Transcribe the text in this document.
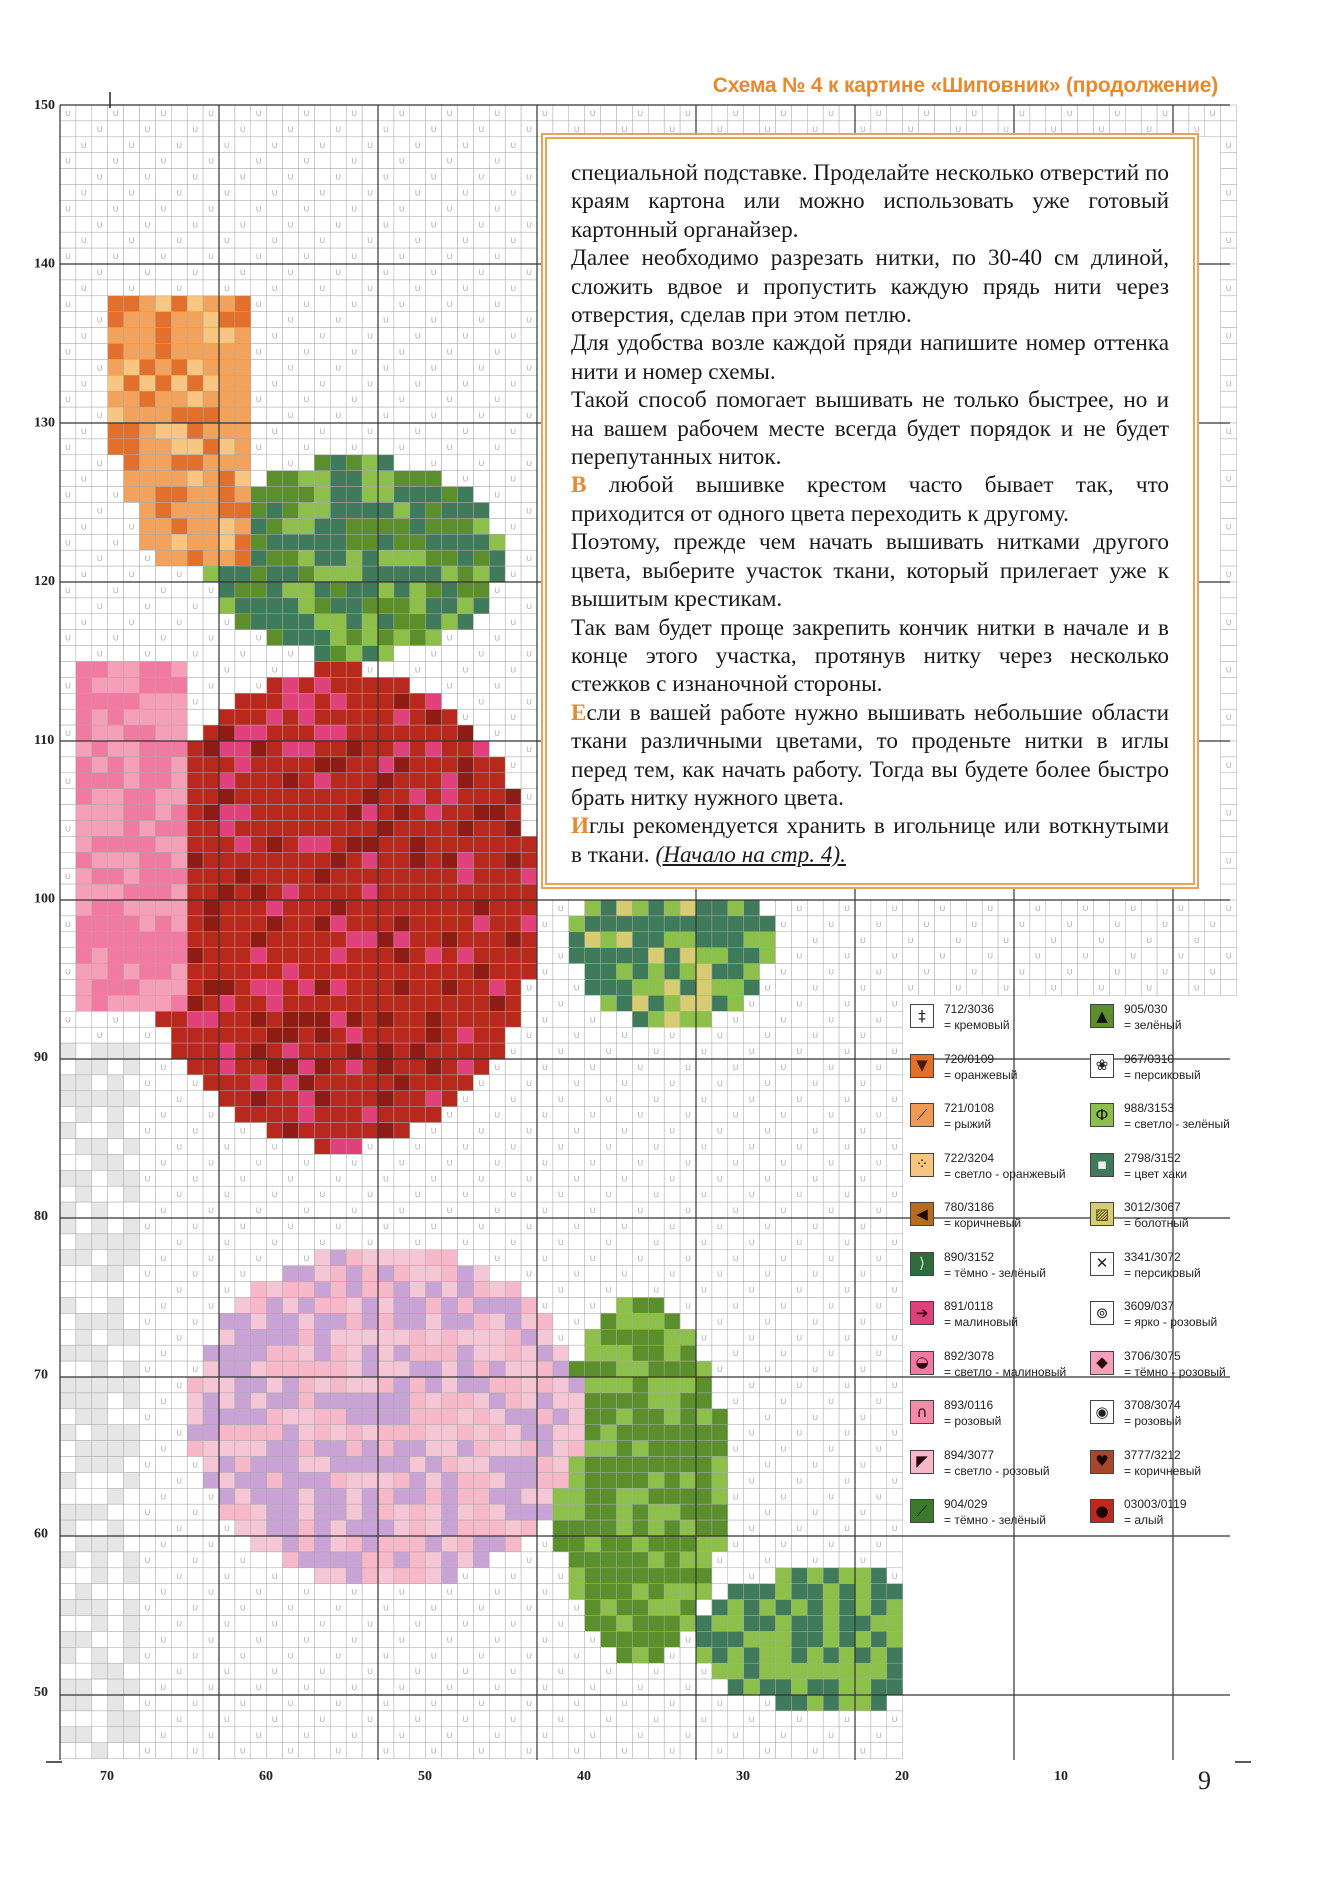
ᑌ	ᑌ	ᑌ	ᑌ	ᑌ	ᑌ	ᑌ	ᑌ	ᑌ	ᑌ	ᑌ	ᑌ	ᑌ	ᑌ	ᑌ	ᑌ	ᑌ	ᑌ	ᑌ	ᑌ	ᑌ	ᑌ	ᑌ	ᑌ	ᑌ
ᑌ	ᑌ	ᑌ	ᑌ	ᑌ	ᑌ	ᑌ	ᑌ	ᑌ	ᑌ	ᑌ	ᑌ	ᑌ	ᑌ	ᑌ	ᑌ	ᑌ	ᑌ	ᑌ	ᑌ	ᑌ	ᑌ	ᑌ	ᑌ
ᑌ	ᑌ	ᑌ	ᑌ	ᑌ	ᑌ	ᑌ	ᑌ	ᑌ	ᑌ	ᑌ
ᑌ	ᑌ	ᑌ	ᑌ	ᑌ	ᑌ	ᑌ	ᑌ	ᑌ	ᑌ
ᑌ	ᑌ	ᑌ	ᑌ	ᑌ	ᑌ	ᑌ	ᑌ	ᑌ	ᑌ
ᑌ	ᑌ	ᑌ	ᑌ	ᑌ	ᑌ	ᑌ	ᑌ	ᑌ	ᑌ	ᑌ
ᑌ	ᑌ	ᑌ	ᑌ	ᑌ	ᑌ	ᑌ	ᑌ	ᑌ	ᑌ
ᑌ	ᑌ	ᑌ	ᑌ	ᑌ	ᑌ	ᑌ	ᑌ	ᑌ	ᑌ
ᑌ	ᑌ	ᑌ	ᑌ	ᑌ	ᑌ	ᑌ	ᑌ	ᑌ	ᑌ	ᑌ
ᑌ	ᑌ	ᑌ	ᑌ	ᑌ	ᑌ	ᑌ	ᑌ	ᑌ	ᑌ
ᑌ	ᑌ	ᑌ	ᑌ	ᑌ	ᑌ	ᑌ	ᑌ	ᑌ	ᑌ
ᑌ	ᑌ	ᑌ	ᑌ	ᑌ	ᑌ	ᑌ	ᑌ	ᑌ	ᑌ	ᑌ
ᑌ	ᑌ	ᑌ	ᑌ	ᑌ	ᑌ	ᑌ
ᑌ	ᑌ	ᑌ	ᑌ	ᑌ	ᑌ	ᑌ
ᑌ	ᑌ	ᑌ	ᑌ	ᑌ	ᑌ	ᑌ	ᑌ
ᑌ	ᑌ	ᑌ	ᑌ	ᑌ	ᑌ	ᑌ
ᑌ	ᑌ	ᑌ	ᑌ	ᑌ	ᑌ	ᑌ
ᑌ	ᑌ	ᑌ	ᑌ	ᑌ	ᑌ	ᑌ	ᑌ
ᑌ	ᑌ	ᑌ	ᑌ	ᑌ	ᑌ	ᑌ
ᑌ	ᑌ	ᑌ	ᑌ	ᑌ	ᑌ	ᑌ
ᑌ	ᑌ	ᑌ	ᑌ	ᑌ	ᑌ	ᑌ	ᑌ
ᑌ	ᑌ	ᑌ	ᑌ	ᑌ	ᑌ	ᑌ
ᑌ	ᑌ	ᑌ	ᑌ	ᑌ
ᑌ	ᑌ	ᑌ	ᑌ
ᑌ	ᑌ	ᑌ
ᑌ	ᑌ
ᑌ	ᑌ	ᑌ	ᑌ
ᑌ	ᑌ
ᑌ	ᑌ	ᑌ
ᑌ	ᑌ	ᑌ	ᑌ	ᑌ
ᑌ	ᑌ	ᑌ	ᑌ	ᑌ
ᑌ	ᑌ	ᑌ	ᑌ
ᑌ	ᑌ	ᑌ	ᑌ	ᑌ	ᑌ
ᑌ	ᑌ	ᑌ	ᑌ	ᑌ	ᑌ	ᑌ
ᑌ	ᑌ	ᑌ	ᑌ	ᑌ	ᑌ	ᑌ	ᑌ
ᑌ	ᑌ	ᑌ	ᑌ	ᑌ	ᑌ	ᑌ
ᑌ	ᑌ	ᑌ	ᑌ	ᑌ
ᑌ	ᑌ	ᑌ
ᑌ	ᑌ	ᑌ
ᑌ	ᑌ
ᑌ
ᑌ	ᑌ
ᑌ
ᑌ
ᑌ
ᑌ
ᑌ
ᑌ
ᑌ	ᑌ	ᑌ	ᑌ	ᑌ	ᑌ	ᑌ	ᑌ	ᑌ	ᑌ	ᑌ
ᑌ	ᑌ	ᑌ	ᑌ	ᑌ	ᑌ	ᑌ	ᑌ	ᑌ	ᑌ	ᑌ	ᑌ
ᑌ	ᑌ	ᑌ	ᑌ	ᑌ	ᑌ	ᑌ	ᑌ	ᑌ
ᑌ	ᑌ	ᑌ	ᑌ	ᑌ	ᑌ	ᑌ	ᑌ	ᑌ	ᑌ	ᑌ
ᑌ	ᑌ	ᑌ	ᑌ	ᑌ	ᑌ	ᑌ	ᑌ	ᑌ	ᑌ	ᑌ	ᑌ
ᑌ	ᑌ	ᑌ	ᑌ	ᑌ	ᑌ	ᑌ	ᑌ	ᑌ	ᑌ	ᑌ	ᑌ
ᑌ	ᑌ	ᑌ	ᑌ	ᑌ
ᑌ	ᑌ	ᑌ	ᑌ	ᑌ	ᑌ	ᑌ	ᑌ
ᑌ	ᑌ	ᑌ	ᑌ	ᑌ	ᑌ	ᑌ	ᑌ	ᑌ	ᑌ
ᑌ	ᑌ	ᑌ	ᑌ	ᑌ	ᑌ	ᑌ	ᑌ	ᑌ
ᑌ	ᑌ	ᑌ	ᑌ	ᑌ	ᑌ	ᑌ	ᑌ	ᑌ	ᑌ
ᑌ	ᑌ	ᑌ	ᑌ	ᑌ	ᑌ	ᑌ	ᑌ	ᑌ	ᑌ	ᑌ
ᑌ	ᑌ	ᑌ	ᑌ	ᑌ	ᑌ	ᑌ	ᑌ	ᑌ	ᑌ	ᑌ
ᑌ	ᑌ	ᑌ	ᑌ	ᑌ	ᑌ	ᑌ	ᑌ	ᑌ	ᑌ	ᑌ	ᑌ
ᑌ	ᑌ	ᑌ	ᑌ	ᑌ	ᑌ	ᑌ	ᑌ	ᑌ	ᑌ	ᑌ	ᑌ	ᑌ
ᑌ	ᑌ	ᑌ	ᑌ	ᑌ	ᑌ	ᑌ	ᑌ	ᑌ	ᑌ	ᑌ	ᑌ	ᑌ	ᑌ	ᑌ
ᑌ	ᑌ	ᑌ	ᑌ	ᑌ	ᑌ	ᑌ	ᑌ	ᑌ	ᑌ	ᑌ	ᑌ	ᑌ	ᑌ	ᑌ	ᑌ
ᑌ	ᑌ	ᑌ	ᑌ	ᑌ	ᑌ	ᑌ	ᑌ	ᑌ	ᑌ	ᑌ	ᑌ	ᑌ	ᑌ	ᑌ	ᑌ
ᑌ	ᑌ	ᑌ	ᑌ	ᑌ	ᑌ	ᑌ	ᑌ	ᑌ	ᑌ	ᑌ	ᑌ	ᑌ	ᑌ	ᑌ	ᑌ
ᑌ	ᑌ	ᑌ	ᑌ	ᑌ	ᑌ	ᑌ	ᑌ	ᑌ	ᑌ	ᑌ	ᑌ	ᑌ	ᑌ	ᑌ	ᑌ
ᑌ	ᑌ	ᑌ	ᑌ	ᑌ	ᑌ	ᑌ	ᑌ	ᑌ	ᑌ	ᑌ	ᑌ	ᑌ	ᑌ	ᑌ	ᑌ
ᑌ	ᑌ	ᑌ	ᑌ	ᑌ	ᑌ	ᑌ	ᑌ	ᑌ	ᑌ	ᑌ	ᑌ	ᑌ	ᑌ	ᑌ	ᑌ
ᑌ	ᑌ	ᑌ	ᑌ	ᑌ	ᑌ	ᑌ	ᑌ	ᑌ	ᑌ	ᑌ	ᑌ	ᑌ
ᑌ	ᑌ	ᑌ	ᑌ	ᑌ	ᑌ	ᑌ	ᑌ	ᑌ	ᑌ	ᑌ
ᑌ	ᑌ	ᑌ	ᑌ	ᑌ	ᑌ	ᑌ	ᑌ	ᑌ	ᑌ
ᑌ	ᑌ	ᑌ	ᑌ	ᑌ	ᑌ	ᑌ	ᑌ	ᑌ
ᑌ	ᑌ	ᑌ	ᑌ	ᑌ	ᑌ	ᑌ
ᑌ	ᑌ	ᑌ	ᑌ	ᑌ	ᑌ	ᑌ
ᑌ	ᑌ	ᑌ	ᑌ	ᑌ
ᑌ	ᑌ	ᑌ	ᑌ	ᑌ	ᑌ
ᑌ	ᑌ	ᑌ	ᑌ	ᑌ
ᑌ	ᑌ	ᑌ	ᑌ	ᑌ
ᑌ	ᑌ	ᑌ	ᑌ
ᑌ	ᑌ	ᑌ	ᑌ	ᑌ
ᑌ	ᑌ	ᑌ	ᑌ	ᑌ
ᑌ	ᑌ	ᑌ	ᑌ	ᑌ
ᑌ	ᑌ	ᑌ	ᑌ	ᑌ
ᑌ	ᑌ	ᑌ	ᑌ	ᑌ	ᑌ
ᑌ	ᑌ	ᑌ	ᑌ	ᑌ
ᑌ	ᑌ	ᑌ	ᑌ	ᑌ	ᑌ
ᑌ	ᑌ	ᑌ	ᑌ	ᑌ	ᑌ	ᑌ
ᑌ	ᑌ	ᑌ	ᑌ	ᑌ	ᑌ	ᑌ	ᑌ
ᑌ	ᑌ	ᑌ	ᑌ	ᑌ	ᑌ	ᑌ	ᑌ
ᑌ	ᑌ	ᑌ	ᑌ	ᑌ	ᑌ	ᑌ	ᑌ	ᑌ
ᑌ	ᑌ	ᑌ	ᑌ	ᑌ	ᑌ	ᑌ	ᑌ	ᑌ	ᑌ
ᑌ	ᑌ	ᑌ	ᑌ	ᑌ	ᑌ	ᑌ	ᑌ	ᑌ
ᑌ	ᑌ	ᑌ	ᑌ	ᑌ	ᑌ	ᑌ	ᑌ	ᑌ	ᑌ	ᑌ
ᑌ	ᑌ	ᑌ	ᑌ	ᑌ	ᑌ	ᑌ	ᑌ	ᑌ	ᑌ	ᑌ
ᑌ	ᑌ	ᑌ	ᑌ	ᑌ	ᑌ	ᑌ	ᑌ	ᑌ	ᑌ	ᑌ	ᑌ
ᑌ	ᑌ	ᑌ	ᑌ	ᑌ	ᑌ	ᑌ	ᑌ	ᑌ	ᑌ	ᑌ	ᑌ
ᑌ	ᑌ	ᑌ	ᑌ	ᑌ	ᑌ	ᑌ	ᑌ	ᑌ	ᑌ	ᑌ	ᑌ	ᑌ	ᑌ
ᑌ	ᑌ	ᑌ	ᑌ	ᑌ	ᑌ	ᑌ	ᑌ	ᑌ	ᑌ	ᑌ	ᑌ	ᑌ	ᑌ	ᑌ	ᑌ
ᑌ	ᑌ	ᑌ	ᑌ	ᑌ	ᑌ	ᑌ	ᑌ	ᑌ	ᑌ	ᑌ	ᑌ	ᑌ	ᑌ	ᑌ	ᑌ
ᑌ	ᑌ	ᑌ	ᑌ	ᑌ	ᑌ	ᑌ	ᑌ	ᑌ	ᑌ	ᑌ	ᑌ	ᑌ	ᑌ	ᑌ	ᑌ
150
140
130
120
110
100
90
80
70
60
50
70	60	50	40	30	20	10
Схема № 4 к картине «Шиповник» (продолжение)

специальной подставке. Проделайте несколько отверстий по краям картона или можно использовать уже готовый картонный органайзер.

Далее необходимо разрезать нитки, по 30-40 см длиной, сложить вдвое и пропустить каждую прядь нити через отверстия, сделав при этом петлю.

Для удобства возле каждой пряди напишите номер оттенка нити и номер схемы.

Такой способ помогает вышивать не только быстрее, но и на вашем рабочем месте всегда будет порядок и не будет перепутанных ниток.

В любой вышивке крестом часто бывает так, что приходится от одного цвета переходить к другому.

Поэтому, прежде чем начать вышивать нитками другого цвета, выберите участок ткани, который прилегает уже к вышитым крестикам.

Так вам будет проще закрепить кончик нитки в начале и в конце этого участка, протянув нитку через несколько стежков с изнаночной стороны.

Если в вашей работе нужно вышивать небольшие области ткани различными цветами, то проденьте нитки в иглы перед тем, как начать работу. Тогда вы будете более быстро брать нитку нужного цвета.

Иглы рекомендуется хранить в игольнице или воткнутыми в ткани. (Начало на стр. 4).

‡	712/3036
= кремовый
▲	905/030
= зелёный
▼	720/0109
= оранжевый
❀	967/0310
= персиковый
⟋	721/0108
= рыжий
Ф	988/3153
= светло - зелёный
⁘	722/3204
= светло - оранжевый
▪	2798/3152
= цвет хаки
◀	780/3186
= коричневый
▨	3012/3067
= болотный
⟩	890/3152
= тёмно - зелёный
✕	3341/3072
= персиковый
➔	891/0118
= малиновый
⊚	3609/037
= ярко - розовый
◒	892/3078
= светло - малиновый
◆	3706/3075
= тёмно - розовый
∩	893/0116
= розовый
◉	3708/3074
= розовый
◤	894/3077
= светло - розовый
♥	3777/3212
= коричневый
⟋	904/029
= тёмно - зелёный
●	03003/0119
= алый
9
